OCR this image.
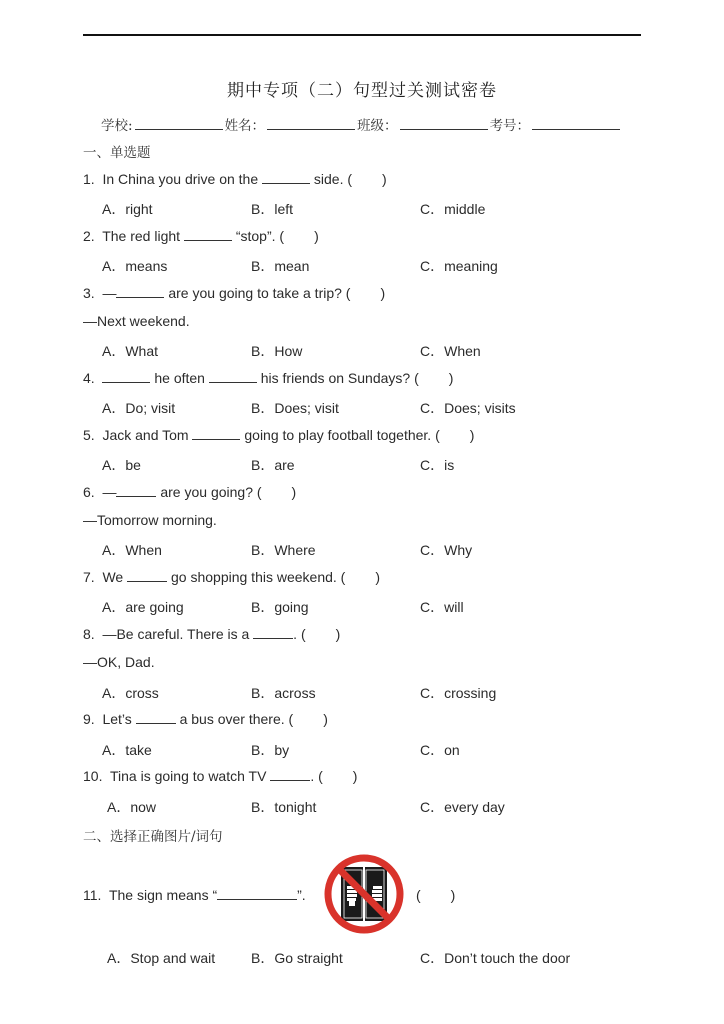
期中专项（二）句型过关测试密卷
学校:	姓名：	班级：	考号：
一、单选题
1. In China you drive on the	side. ( )
A．right	B．left	C．middle
2. The red light	“stop”. ( )
A．means	B．mean	C．meaning
3. —	are you going to take a trip? ( )
—Next weekend.
A．What	B．How	C．When
4.	he often	his friends on Sundays? ( )
A．Do; visit	B．Does; visit	C．Does; visits
5. Jack and Tom	going to play football together. ( )
A．be	B．are	C．is
6. —	are you going? ( )
—Tomorrow morning.
A．When	B．Where	C．Why
7. We	go shopping this weekend. ( )
A．are going	B．going	C．will
8. —Be careful. There is a	. ( )
—OK, Dad.
A．cross	B．across	C．crossing
9. Let’s	a bus over there. ( )
A．take	B．by	C．on
10. Tina is going to watch TV	. ( )
A．now	B．tonight	C．every day
二、选择正确图片/词句
11. The sign means “	”.	( )
A．Stop and wait	B．Go straight	C．Don’t touch the door
